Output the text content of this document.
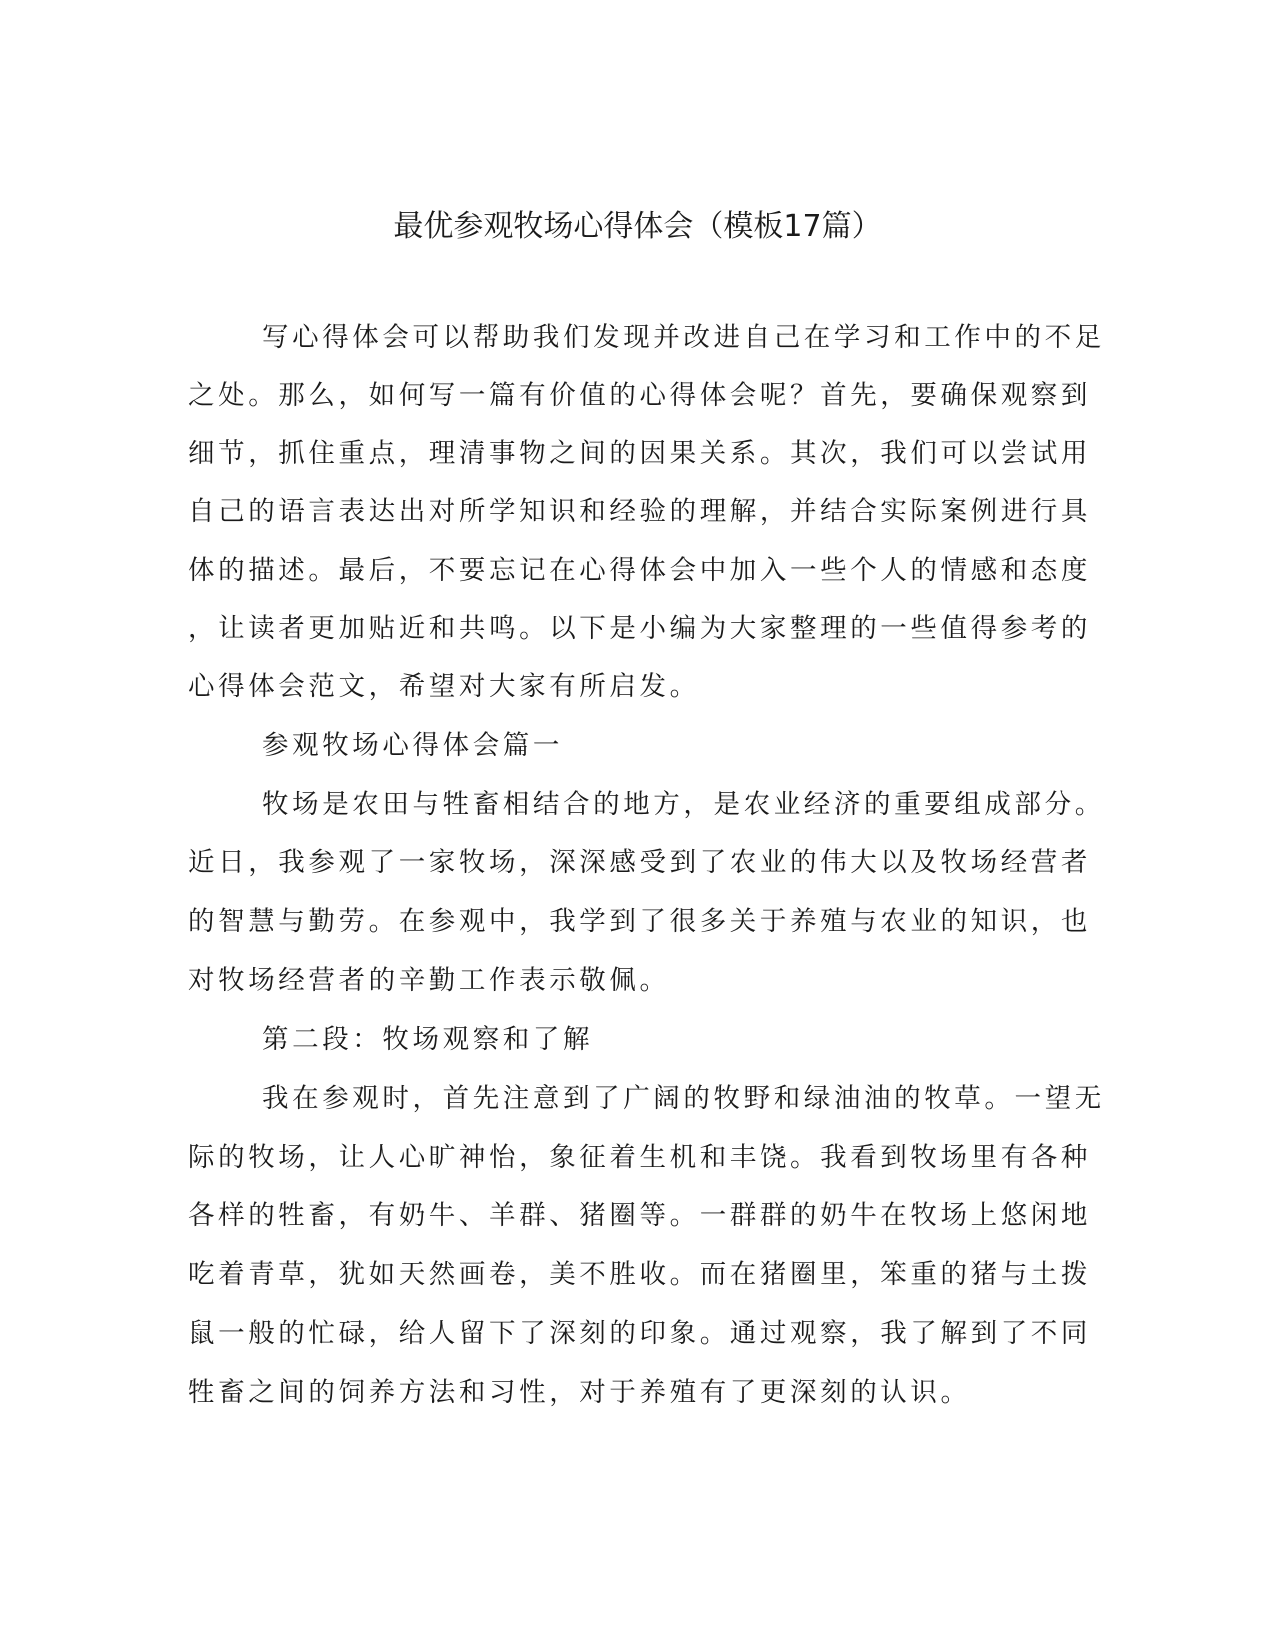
最优参观牧场心得体会（模板17篇）
写心得体会可以帮助我们发现并改进自己在学习和工作中的不足
之处。那么，如何写一篇有价值的心得体会呢？首先，要确保观察到
细节，抓住重点，理清事物之间的因果关系。其次，我们可以尝试用
自己的语言表达出对所学知识和经验的理解，并结合实际案例进行具
体的描述。最后，不要忘记在心得体会中加入一些个人的情感和态度
，让读者更加贴近和共鸣。以下是小编为大家整理的一些值得参考的
心得体会范文，希望对大家有所启发。
参观牧场心得体会篇一
牧场是农田与牲畜相结合的地方，是农业经济的重要组成部分。
近日，我参观了一家牧场，深深感受到了农业的伟大以及牧场经营者
的智慧与勤劳。在参观中，我学到了很多关于养殖与农业的知识，也
对牧场经营者的辛勤工作表示敬佩。
第二段：牧场观察和了解
我在参观时，首先注意到了广阔的牧野和绿油油的牧草。一望无
际的牧场，让人心旷神怡，象征着生机和丰饶。我看到牧场里有各种
各样的牲畜，有奶牛、羊群、猪圈等。一群群的奶牛在牧场上悠闲地
吃着青草，犹如天然画卷，美不胜收。而在猪圈里，笨重的猪与土拨
鼠一般的忙碌，给人留下了深刻的印象。通过观察，我了解到了不同
牲畜之间的饲养方法和习性，对于养殖有了更深刻的认识。
